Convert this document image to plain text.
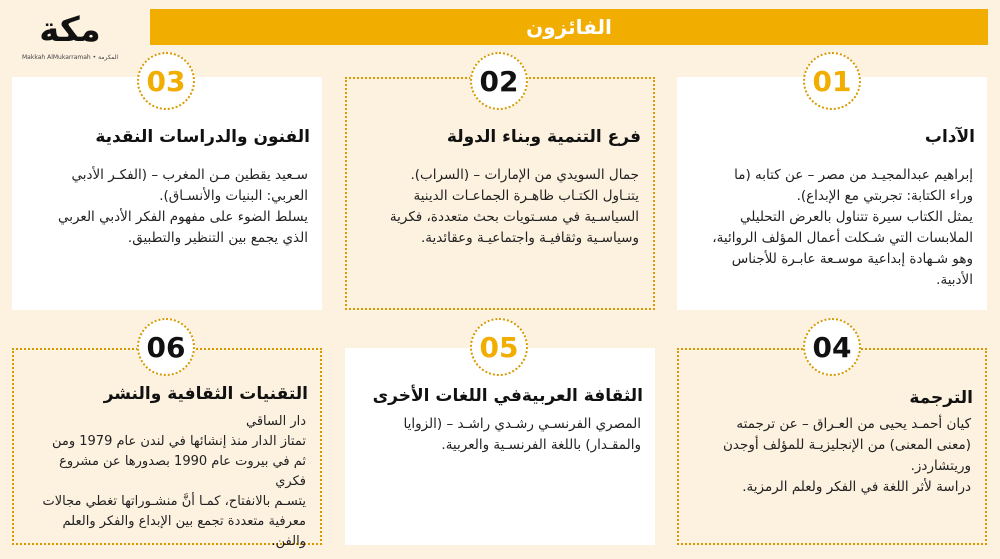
مكة
Makkah AlMukarramah • المكرمة
الفائزون
الآداب

إبراهيم عبدالمجيـد من مصر – عن كتابه (ما

وراء الكتابة: تجربتي مع الإبداع).

يمثل الكتاب سيرة تتناول بالعرض التحليلي

الملابسات التي شـكلت أعمال المؤلف الروائية،

وهو شـهادة إبداعية موسـعة عابـرة للأجناس

الأدبية.

01
فرع التنمية وبناء الدولة

جمال السويدي من الإمارات – (السراب).

يتنـاول الكتـاب ظاهـرة الجماعـات الدينية

السياسـية في مسـتويات بحث متعددة، فكرية

وسياسـية وثقافيـة واجتماعيـة وعقائدية.

02
الفنون والدراسات النقدية

سـعيد يقطين مـن المغرب – (الفكـر الأدبي

العربي: البنيات والأنسـاق).

يسلط الضوء على مفهوم الفكر الأدبي العربي

الذي يجمع بين التنظير والتطبيق.

03
الترجمة

كيان أحمـد يحيى من العـراق – عن ترجمته

(معنى المعنى) من الإنجليزيـة للمؤلف أوجدن

وريتشاردز.

دراسة لأثر اللغة في الفكر ولعلم الرمزية.

04
الثقافة العربيةفي اللغات الأخرى

المصري الفرنسـي رشـدي راشـد – (الزوايا

والمقـدار) باللغة الفرنسـية والعربية.

05
التقنيات الثقافية والنشر

دار الساقي

تمتاز الدار منذ إنشائها في لندن عام 1979 ومن

ثم في بيروت عام 1990 بصدورها عن مشروع فكري

يتسـم بالانفتاح، كمـا أنَّ منشـوراتها تغطي مجالات

معرفية متعددة تجمع بين الإبداع والفكر والعلم والفن.

06
